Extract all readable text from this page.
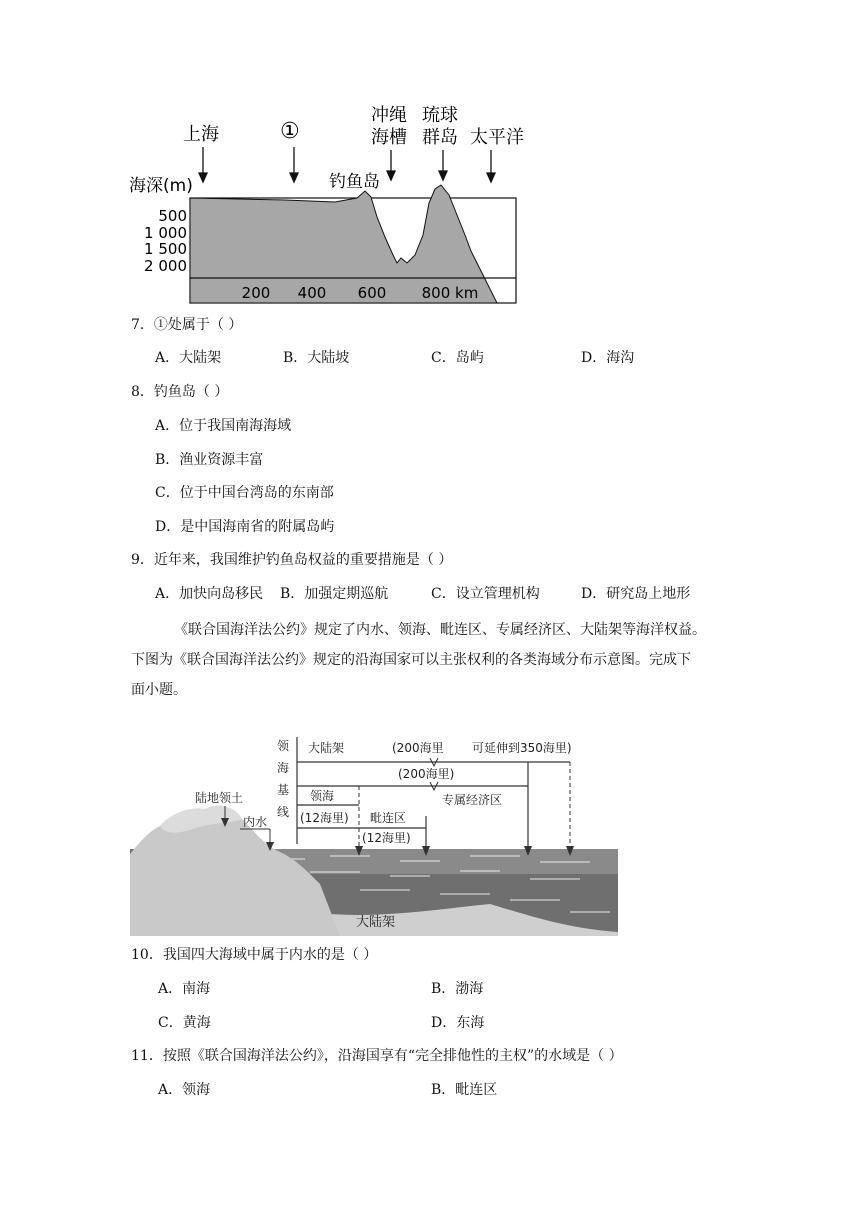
上海	①
冲绳
海槽
琉球
群岛 太平洋
钓鱼岛
海深(m)
500
1 000
1 500
2 000
200 400 600 800 km
7．①处属于（ ）
A．大陆架	B．大陆坡	C．岛屿	D．海沟
8．钓鱼岛（ ）
A．位于我国南海海域
B．渔业资源丰富
C．位于中国台湾岛的东南部
D．是中国海南省的附属岛屿
9．近年来，我国维护钓鱼岛权益的重要措施是（ ）
A．加快向岛移民 B．加强定期巡航	C．设立管理机构	D．研究岛上地形
《联合国海洋法公约》规定了内水、领海、毗连区、专属经济区、大陆架等海洋权益。
下图为《联合国海洋法公约》规定的沿海国家可以主张权利的各类海域分布示意图。完成下
面小题。
领
海
基
线
大陆架	(200海里 可延伸到350海里)
(200海里)
专属经济区
领海
(12海里) 毗连区
(12海里)
陆地领土
内水
大陆架
10．我国四大海域中属于内水的是（ ）
A．南海	B．渤海
C．黄海	D．东海
11．按照《联合国海洋法公约》，沿海国享有“完全排他性的主权”的水域是（ ）
A．领海	B．毗连区
